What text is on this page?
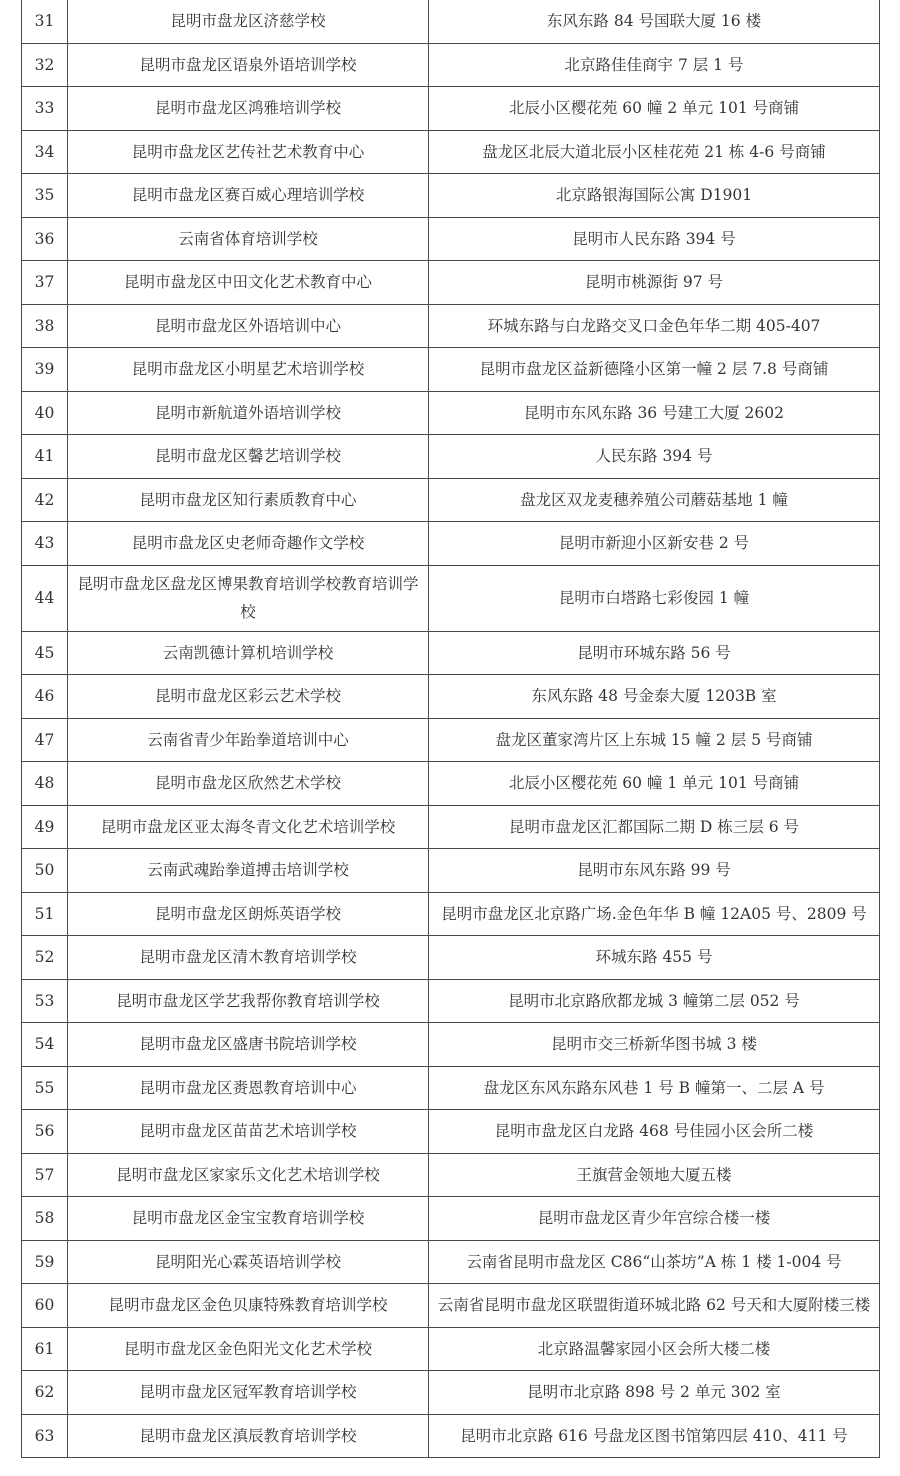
31	昆明市盘龙区济慈学校	东风东路 84 号国联大厦 16 楼
32	昆明市盘龙区语泉外语培训学校	北京路佳佳商宇 7 层 1 号
33	昆明市盘龙区鸿雅培训学校	北辰小区樱花苑 60 幢 2 单元 101 号商铺
34	昆明市盘龙区艺传社艺术教育中心	盘龙区北辰大道北辰小区桂花苑 21 栋 4-6 号商铺
35	昆明市盘龙区赛百威心理培训学校	北京路银海国际公寓 D1901
36	云南省体育培训学校	昆明市人民东路 394 号
37	昆明市盘龙区中田文化艺术教育中心	昆明市桃源街 97 号
38	昆明市盘龙区外语培训中心	环城东路与白龙路交叉口金色年华二期 405-407
39	昆明市盘龙区小明星艺术培训学校	昆明市盘龙区益新德隆小区第一幢 2 层 7.8 号商铺
40	昆明市新航道外语培训学校	昆明市东风东路 36 号建工大厦 2602
41	昆明市盘龙区馨艺培训学校	人民东路 394 号
42	昆明市盘龙区知行素质教育中心	盘龙区双龙麦穗养殖公司蘑菇基地 1 幢
43	昆明市盘龙区史老师奇趣作文学校	昆明市新迎小区新安巷 2 号
44	昆明市盘龙区盘龙区博果教育培训学校教育培训学校	昆明市白塔路七彩俊园 1 幢
45	云南凯德计算机培训学校	昆明市环城东路 56 号
46	昆明市盘龙区彩云艺术学校	东风东路 48 号金泰大厦 1203B 室
47	云南省青少年跆拳道培训中心	盘龙区董家湾片区上东城 15 幢 2 层 5 号商铺
48	昆明市盘龙区欣然艺术学校	北辰小区樱花苑 60 幢 1 单元 101 号商铺
49	昆明市盘龙区亚太海冬青文化艺术培训学校	昆明市盘龙区汇都国际二期 D 栋三层 6 号
50	云南武魂跆拳道搏击培训学校	昆明市东风东路 99 号
51	昆明市盘龙区朗烁英语学校	昆明市盘龙区北京路广场.金色年华 B 幢 12A05 号、2809 号
52	昆明市盘龙区清木教育培训学校	环城东路 455 号
53	昆明市盘龙区学艺我帮你教育培训学校	昆明市北京路欣都龙城 3 幢第二层 052 号
54	昆明市盘龙区盛唐书院培训学校	昆明市交三桥新华图书城 3 楼
55	昆明市盘龙区赉恩教育培训中心	盘龙区东风东路东风巷 1 号 B 幢第一、二层 A 号
56	昆明市盘龙区苗苗艺术培训学校	昆明市盘龙区白龙路 468 号佳园小区会所二楼
57	昆明市盘龙区家家乐文化艺术培训学校	王旗营金领地大厦五楼
58	昆明市盘龙区金宝宝教育培训学校	昆明市盘龙区青少年宫综合楼一楼
59	昆明阳光心霖英语培训学校	云南省昆明市盘龙区 C86“山茶坊”A 栋 1 楼 1-004 号
60	昆明市盘龙区金色贝康特殊教育培训学校	云南省昆明市盘龙区联盟街道环城北路 62 号天和大厦附楼三楼
61	昆明市盘龙区金色阳光文化艺术学校	北京路温馨家园小区会所大楼二楼
62	昆明市盘龙区冠军教育培训学校	昆明市北京路 898 号 2 单元 302 室
63	昆明市盘龙区滇辰教育培训学校	昆明市北京路 616 号盘龙区图书馆第四层 410、411 号
